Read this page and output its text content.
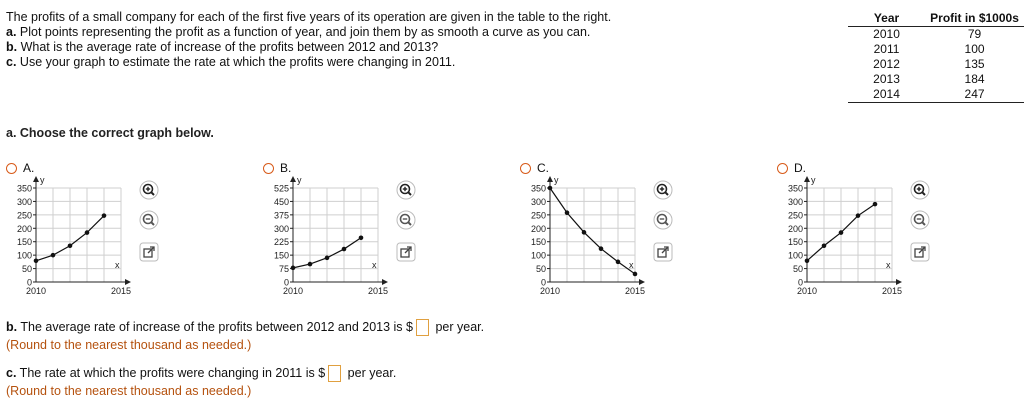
The profits of a small company for each of the first five years of its operation are given in the table to the right.
a. Plot points representing the profit as a function of year, and join them by as smooth a curve as you can.
b. What is the average rate of increase of the profits between 2012 and 2013?
c. Use your graph to estimate the rate at which the profits were changing in 2011.
Year	Profit in $1000s
2010	79
2011	100
2012	135
2013	184
2014	247
a. Choose the correct graph below.
A.
350
300
250
200
150
100
50
0
2010	2015
y
x
B.
525
450
375
300
225
150
75
0
2010	2015
y
x
C.
350
300
250
200
150
100
50
0
2010	2015
y
x
D.
350
300
250
200
150
100
50
0
2010	2015
y
x
b. The average rate of increase of the profits between 2012 and 2013 is $ per year.
(Round to the nearest thousand as needed.)
c. The rate at which the profits were changing in 2011 is $ per year.
(Round to the nearest thousand as needed.)
